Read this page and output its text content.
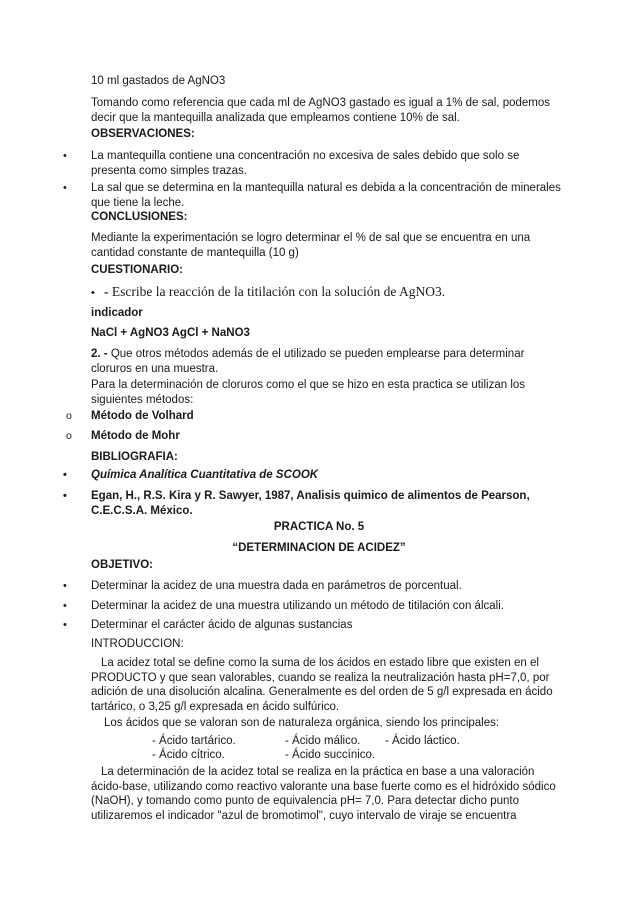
10 ml gastados de AgNO3
Tomando como referencia que cada ml de AgNO3 gastado es igual a 1% de sal, podemos decir que la mantequilla analizada que empleamos contiene 10% de sal.
OBSERVACIONES:
• La mantequilla contiene una concentración no excesiva de sales debido que solo se presenta como simples trazas.
• La sal que se determina en la mantequilla natural es debida a la concentración de minerales que tiene la leche.
CONCLUSIONES:
Mediante la experimentación se logro determinar el % de sal que se encuentra en una cantidad constante de mantequilla (10 g)
CUESTIONARIO:
• - Escribe la reacción de la titilación con la solución de AgNO3.
indicador
NaCl + AgNO3 AgCl + NaNO3
2. - Que otros métodos además de el utilizado se pueden emplearse para determinar cloruros en una muestra.
Para la determinación de cloruros como el que se hizo en esta practica se utilizan los siguientes métodos:
o Método de Volhard
o Método de Mohr
BIBLIOGRAFIA:
• Química Analítica Cuantitativa de SCOOK
• Egan, H., R.S. Kira y R. Sawyer, 1987, Analisis quimico de alimentos de Pearson, C.E.C.S.A. México.
PRACTICA No. 5
“DETERMINACION DE ACIDEZ”
OBJETIVO:
• Determinar la acidez de una muestra dada en parámetros de porcentual.
• Determinar la acidez de una muestra utilizando un método de titilación con álcali.
• Determinar el carácter ácido de algunas sustancias
INTRODUCCION:
La acidez total se define como la suma de los ácidos en estado libre que existen en el PRODUCTO y que sean valorables, cuando se realiza la neutralización hasta pH=7,0, por adición de una disolución alcalina. Generalmente es del orden de 5 g/l expresada en ácido tartárico, o 3,25 g/l expresada en ácido sulfúrico.
Los ácidos que se valoran son de naturaleza orgánica, siendo los principales:
- Ácido tartárico.	- Ácido málico. - Ácido láctico.
- Ácido cítrico.	- Ácido succínico.
La determinación de la acidez total se realiza en la práctica en base a una valoración ácido-base, utilizando como reactivo valorante una base fuerte como es el hidróxido sódico (NaOH), y tomando como punto de equivalencia pH= 7,0. Para detectar dicho punto utilizaremos el indicador "azul de bromotimol", cuyo intervalo de viraje se encuentra
